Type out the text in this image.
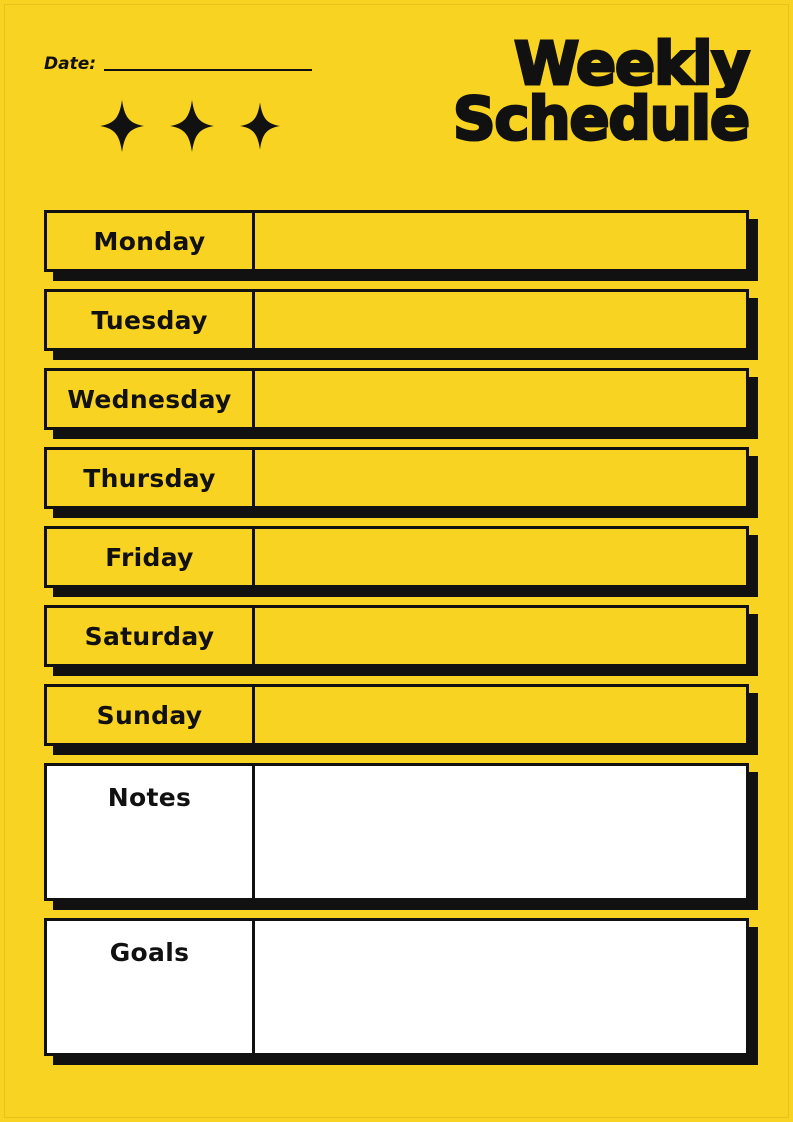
Date:	Weekly
Schedule
Monday
Tuesday
Wednesday
Thursday
Friday
Saturday
Sunday
Notes
Goals
